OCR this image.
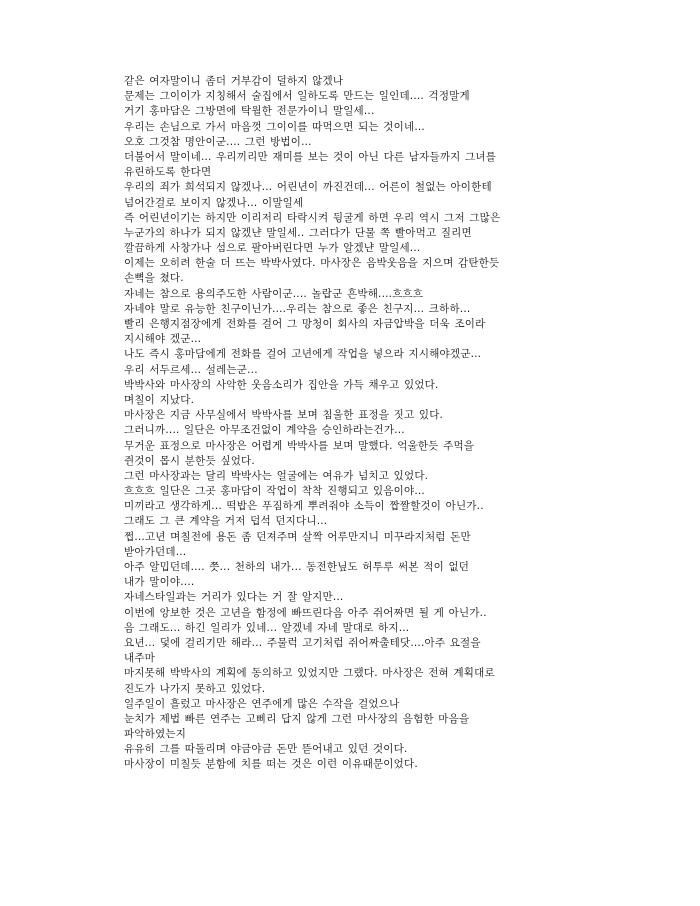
같은 여자말이니 좀더 거부감이 덜하지 않겠나
문제는 그이이가 지칭해서 술집에서 일하도록 만드는 일인데.... 걱정말게
거기 홍마담은 그방면에 탁월한 전문가이니 말일세...
우리는 손님으로 가서 마음껏 그이이를 따먹으면 되는 것이네...
오호 그것참 명안이군.... 그런 방법이...
더불어서 말이네... 우리끼리만 재미를 보는 것이 아닌 다른 남자들까지 그녀를
유린하도록 한다면
우리의 죄가 희석되지 않겠나... 어린년이 까진건데... 어른이 철없는 아이한테
넘어간걸로 보이지 않겠나... 이말일세
즉 어린년이기는 하지만 이리저리 타락시켜 뒹굴게 하면 우리 역시 그저 그많은
누군가의 하나가 되지 않겠냔 말일세.. 그러다가 단물 쪽 빨아먹고 질리면
깔끔하게 사창가나 섬으로 팔아버린다면 누가 알겠냔 말일세...
이제는 오히려 한술 더 뜨는 박박사였다. 마사장은 음박웃음을 지으며 감탄한듯
손뼉을 쳤다.
자네는 참으로 용의주도한 사람이군.... 놀랍군 흔박해....흐흐흐
자네야 말로 유능한 친구이닌가....우리는 참으로 좋은 친구지... 크하하...
빨리 은행지점장에게 전화를 걸어 그 망청이 회사의 자금압박을 더욱 조이라
지시해야 겠군...
나도 즉시 홍마담에게 전화를 걸어 고년에게 작업을 넣으라 지시해야겠군...
우리 서두르세... 설레는군...
박박사와 마사장의 사악한 웃음소리가 집안을 가득 채우고 있었다.
며칠이 지났다.
마사장은 지금 사무실에서 박박사를 보며 침울한 표정을 짓고 있다.
그러니까.... 일단은 아무조건없이 계약을 승인하라는건가...
무거운 표정으로 마사장은 어렵게 박박사를 보며 말했다. 억울한듯 주먹을
쥔것이 몹시 분한듯 싶었다.
그런 마사장과는 달리 박박사는 얼굴에는 여유가 넘치고 있었다.
흐흐흐 일단은 그곳 홍마담이 작업이 착착 진행되고 있음이야...
미끼라고 생각하게... 떡밥은 푸짐하게 뿌려줘야 소득이 짭짤할것이 아닌가..
그래도 그 큰 계약을 거저 덥석 던지다니...
쩝...고년 며칠전에 용돈 좀 던져주며 살짝 어루만지니 미꾸라지처럼 돈만
받아가던데...
아주 알밉던데.... 쯧... 천하의 내가... 동전한닢도 허투루 써본 적이 없던
내가 말이야....
자네스타일과는 거리가 있다는 거 잘 알지만...
이번에 앙보한 것은 고년을 함정에 빠뜨린다음 아주 쥐어짜면 될 게 아닌가..
음 그래도... 하긴 일리가 있네... 알겠네 자네 말대로 하지...
요년... 덫에 걸리기만 해라... 주물럭 고기처럼 쥐어짜출테닷....아주 요절을
내주마
마지못해 박박사의 계획에 동의하고 있었지만 그랬다. 마사장은 전혀 계획대로
진도가 나가지 못하고 있었다.
일주일이 흘렀고 마사장은 연주에게 많은 수작을 걸었으나
눈치가 제법 빠른 연주는 고삐리 답지 않게 그런 마사장의 음험한 마음을
파악하였는지
유유히 그를 따돌리며 야금야금 돈만 뜯어내고 있던 것이다.
마사장이 미칠듯 분함에 치를 떠는 것은 이런 이유때문이었다.
